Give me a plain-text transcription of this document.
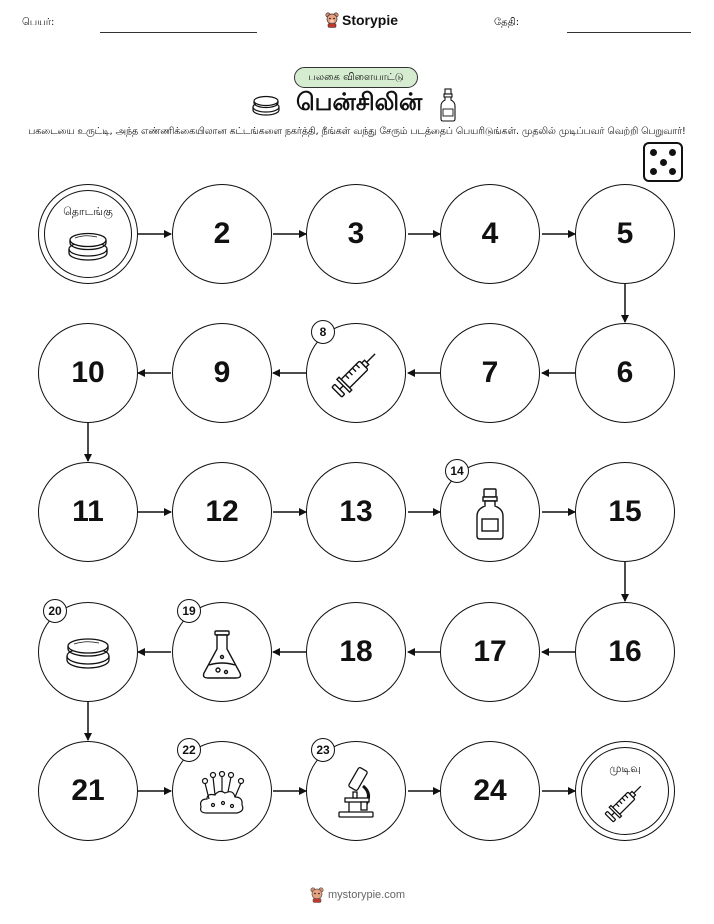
பெயர்:	Storypie	தேதி:
பலகை விளையாட்டு
பென்சிலின்
பகடையை உருட்டி, அந்த எண்ணிக்கையிலான கட்டங்களை நகர்த்தி, நீங்கள் வந்து சேரும் படத்தைப் பெயரிடுங்கள். முதலில் முடிப்பவர் வெற்றி பெறுவார்!
தொடங்கு
2	3	4	5
6
7
8
9
10
11	12	13
14
15
16
17
18
19
20
21
22	23
24
முடிவு
mystorypie.com
